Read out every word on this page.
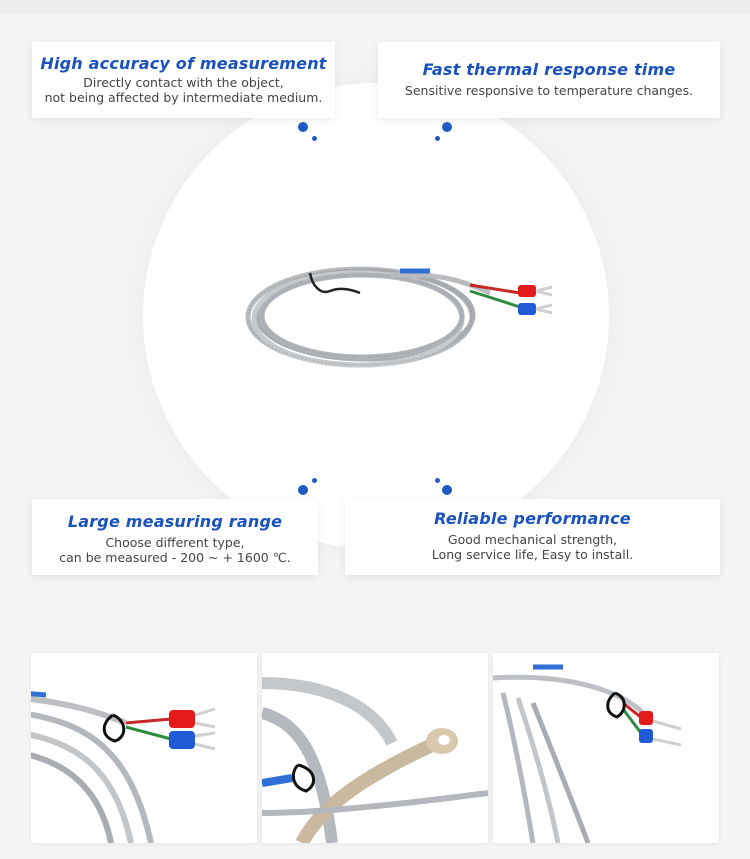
High accuracy of measurement

Directly contact with the object,

not being affected by intermediate medium.

Fast thermal response time

Sensitive responsive to temperature changes.

Large measuring range

Choose different type,

can be measured - 200 ~ + 1600 ℃.

Reliable performance

Good mechanical strength,

Long service life, Easy to install.
